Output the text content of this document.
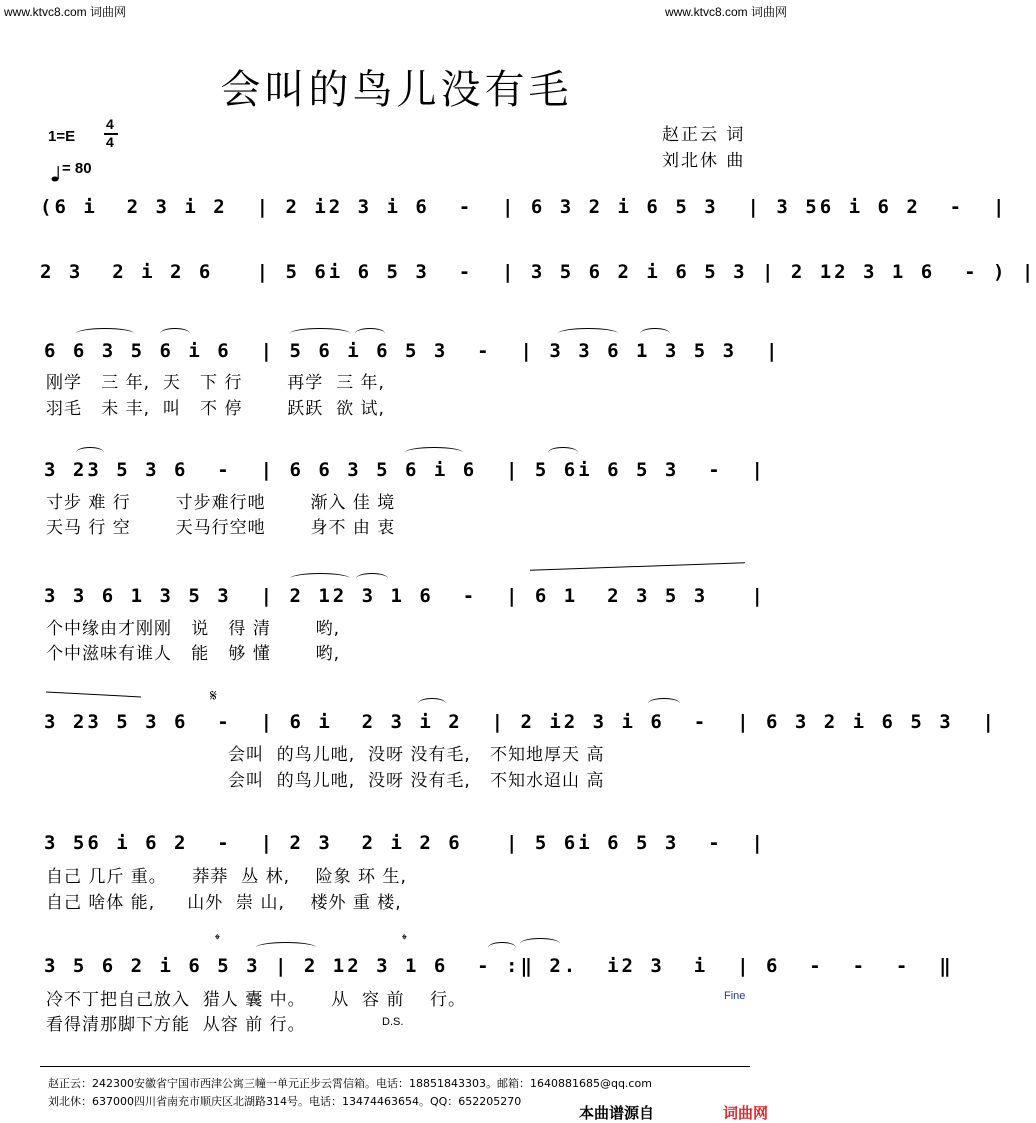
www.ktvc8.com 词曲网	www.ktvc8.com 词曲网
会叫的鸟儿没有毛
赵正云 词
刘北休 曲
1=E
4
4
= 80
(6 i  2 3 i 2  | 2 i2 3 i 6  -  | 6 3 2 i 6 5 3  | 3 56 i 6 2  -  |
2 3  2 i 2 6   | 5 6i 6 5 3  -  | 3 5 6 2 i 6 5 3 | 2 12 3 1 6  - ) |
6 6 3 5 6 i 6  | 5 6 i 6 5 3  -  | 3 3 6 1 3 5 3  |
刚学   三 年,  天   下 行       再学  三 年,
羽毛   未 丰,  叫   不 停       跃跃  欲 试,
3 23 5 3 6  -  | 6 6 3 5 6 i 6  | 5 6i 6 5 3  -  |
寸步 难 行       寸步难行吔       渐入 佳 境
天马 行 空       天马行空吔       身不 由 衷
3 3 6 1 3 5 3  | 2 12 3 1 6  -  | 6 1  2 3 5 3   |
个中缘由才刚刚   说   得 清       哟,
个中滋味有谁人   能   够 懂       哟,
𝄋
3 23 5 3 6  -  | 6 i  2 3 i 2  | 2 i2 3 i 6  -  | 6 3 2 i 6 5 3  |
会叫  的鸟儿吔,  没呀 没有毛,   不知地厚天 高
会叫  的鸟儿吔,  没呀 没有毛,   不知水迢山 高
3 56 i 6 2  -  | 2 3  2 i 2 6   | 5 6i 6 5 3  -  |
自己 几斤 重。    莽莽  丛 林,    险象 环 生,
自己 啥体 能,     山外  崇 山,    楼外 重 楼,
𝄌	𝄌
3 5 6 2 i 6 5 3 | 2 12 3 1 6  - :‖ 2.  i2 3  i  | 6  -  -  -  ‖
冷不丁把自己放入  猎人 囊 中。    从  容 前    行。
看得清那脚下方能  从容 前 行。
Fine
D.S.
赵正云：242300安徽省宁国市西津公寓三幢一单元正步云霄信箱。电话：18851843303。邮箱：1640881685@qq.com
刘北休：637000四川省南充市顺庆区北湖路314号。电话：13474463654。QQ：652205270
本曲谱源自	词曲网
